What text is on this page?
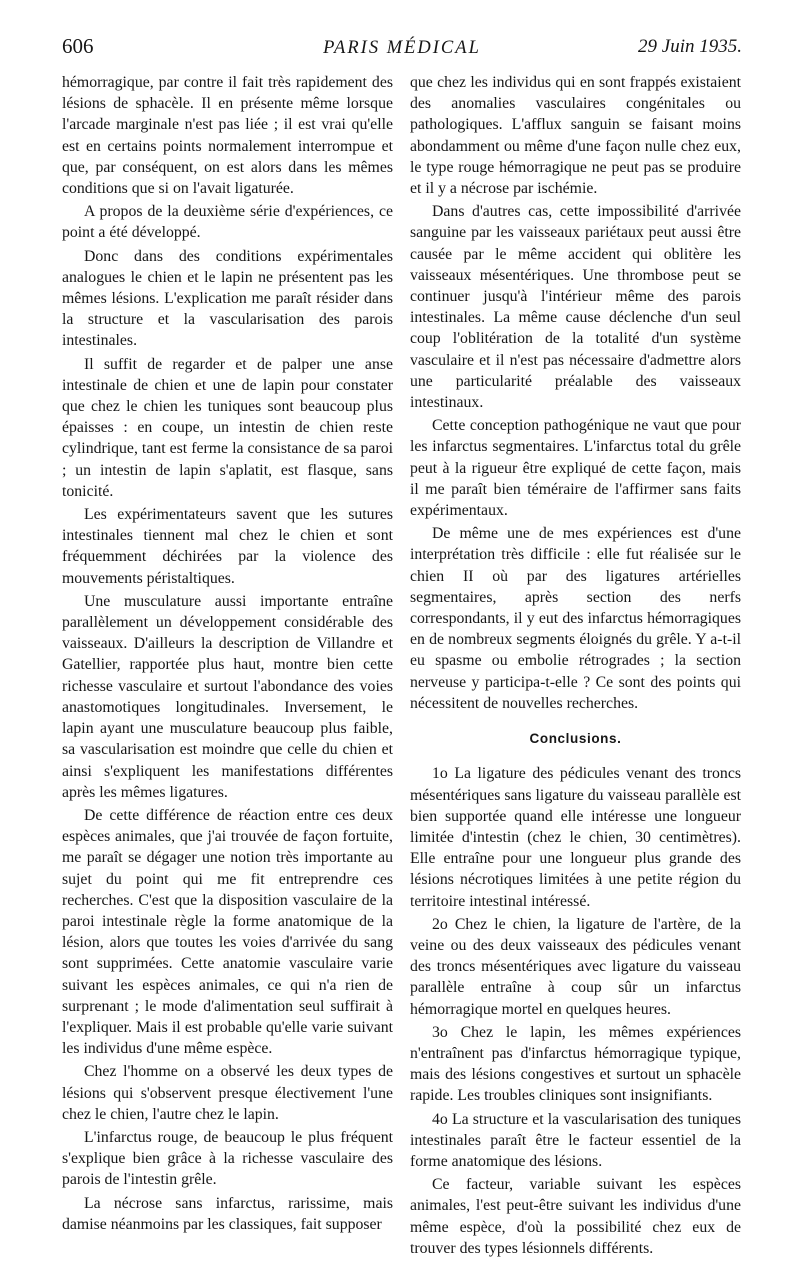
606	PARIS MÉDICAL	29 Juin 1935.

hémorragique, par contre il fait très rapidement des lésions de sphacèle. Il en présente même lorsque l'arcade marginale n'est pas liée ; il est vrai qu'elle est en certains points normalement interrompue et que, par conséquent, on est alors dans les mêmes conditions que si on l'avait ligaturée.

A propos de la deuxième série d'expériences, ce point a été développé.

Donc dans des conditions expérimentales analogues le chien et le lapin ne présentent pas les mêmes lésions. L'explication me paraît résider dans la structure et la vascularisation des parois intestinales.

Il suffit de regarder et de palper une anse intestinale de chien et une de lapin pour constater que chez le chien les tuniques sont beaucoup plus épaisses : en coupe, un intestin de chien reste cylindrique, tant est ferme la consistance de sa paroi ; un intestin de lapin s'aplatit, est flasque, sans tonicité.

Les expérimentateurs savent que les sutures intestinales tiennent mal chez le chien et sont fréquemment déchirées par la violence des mouvements péristaltiques.

Une musculature aussi importante entraîne parallèlement un développement considérable des vaisseaux. D'ailleurs la description de Villandre et Gatellier, rapportée plus haut, montre bien cette richesse vasculaire et surtout l'abondance des voies anastomotiques longitudinales. Inversement, le lapin ayant une musculature beaucoup plus faible, sa vascularisation est moindre que celle du chien et ainsi s'expliquent les manifestations différentes après les mêmes ligatures.

De cette différence de réaction entre ces deux espèces animales, que j'ai trouvée de façon fortuite, me paraît se dégager une notion très importante au sujet du point qui me fit entreprendre ces recherches. C'est que la disposition vasculaire de la paroi intestinale règle la forme anatomique de la lésion, alors que toutes les voies d'arrivée du sang sont supprimées. Cette anatomie vasculaire varie suivant les espèces animales, ce qui n'a rien de surprenant ; le mode d'alimentation seul suffirait à l'expliquer. Mais il est probable qu'elle varie suivant les individus d'une même espèce.

Chez l'homme on a observé les deux types de lésions qui s'observent presque électivement l'une chez le chien, l'autre chez le lapin.

L'infarctus rouge, de beaucoup le plus fréquent s'explique bien grâce à la richesse vasculaire des parois de l'intestin grêle.

La nécrose sans infarctus, rarissime, mais damise néanmoins par les classiques, fait supposer

que chez les individus qui en sont frappés existaient des anomalies vasculaires congénitales ou pathologiques. L'afflux sanguin se faisant moins abondamment ou même d'une façon nulle chez eux, le type rouge hémorragique ne peut pas se produire et il y a nécrose par ischémie.

Dans d'autres cas, cette impossibilité d'arrivée sanguine par les vaisseaux pariétaux peut aussi être causée par le même accident qui oblitère les vaisseaux mésentériques. Une thrombose peut se continuer jusqu'à l'intérieur même des parois intestinales. La même cause déclenche d'un seul coup l'oblitération de la totalité d'un système vasculaire et il n'est pas nécessaire d'admettre alors une particularité préalable des vaisseaux intestinaux.

Cette conception pathogénique ne vaut que pour les infarctus segmentaires. L'infarctus total du grêle peut à la rigueur être expliqué de cette façon, mais il me paraît bien téméraire de l'affirmer sans faits expérimentaux.

De même une de mes expériences est d'une interprétation très difficile : elle fut réalisée sur le chien II où par des ligatures artérielles segmentaires, après section des nerfs correspondants, il y eut des infarctus hémorragiques en de nombreux segments éloignés du grêle. Y a-t-il eu spasme ou embolie rétrogrades ; la section nerveuse y participa-t-elle ? Ce sont des points qui nécessitent de nouvelles recherches.

Conclusions.

1o La ligature des pédicules venant des troncs mésentériques sans ligature du vaisseau parallèle est bien supportée quand elle intéresse une longueur limitée d'intestin (chez le chien, 30 centimètres). Elle entraîne pour une longueur plus grande des lésions nécrotiques limitées à une petite région du territoire intestinal intéressé.

2o Chez le chien, la ligature de l'artère, de la veine ou des deux vaisseaux des pédicules venant des troncs mésentériques avec ligature du vaisseau parallèle entraîne à coup sûr un infarctus hémorragique mortel en quelques heures.

3o Chez le lapin, les mêmes expériences n'entraînent pas d'infarctus hémorragique typique, mais des lésions congestives et surtout un sphacèle rapide. Les troubles cliniques sont insignifiants.

4o La structure et la vascularisation des tuniques intestinales paraît être le facteur essentiel de la forme anatomique des lésions.

Ce facteur, variable suivant les espèces animales, l'est peut-être suivant les individus d'une même espèce, d'où la possibilité chez eux de trouver des types lésionnels différents.
